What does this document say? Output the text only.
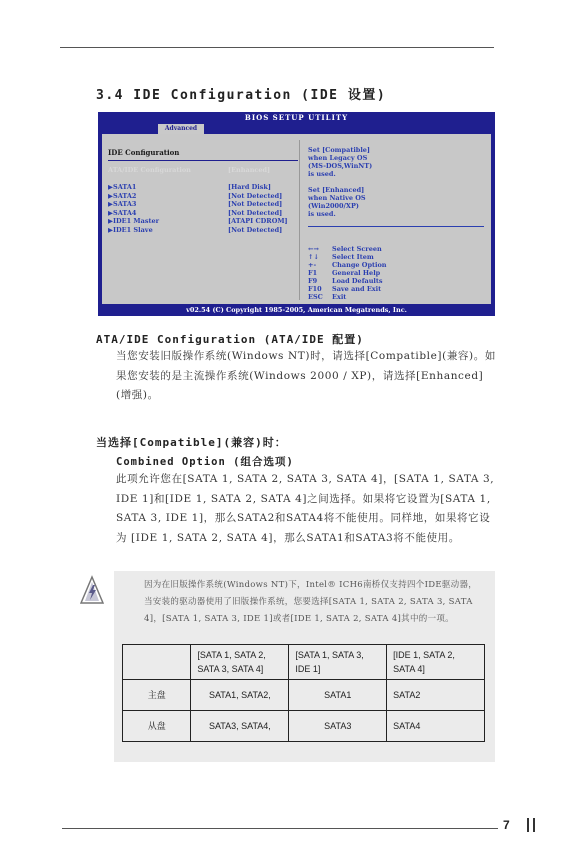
3.4 IDE Configuration (IDE 设置)
BIOS SETUP UTILITY
Advanced
IDE Configuration
ATA/IDE Configuration	[Enhanced]
▶SATA1	[Hard Disk]
▶SATA2	[Not Detected]
▶SATA3	[Not Detected]
▶SATA4	[Not Detected]
▶IDE1 Master	[ATAPI CDROM]
▶IDE1 Slave	[Not Detected]
Set [Compatible]
when Legacy OS
(MS-DOS,WinNT)
is used.
Set [Enhanced]
when Native OS
(Win2000/XP)
is used.
←→ Select Screen
↑↓ Select Item
+- Change Option
F1 General Help
F9 Load Defaults
F10 Save and Exit
ESC Exit
v02.54 (C) Copyright 1985-2005, American Megatrends, Inc.
ATA/IDE Configuration (ATA/IDE 配置)
当您安装旧版操作系统(Windows NT)时，请选择[Compatible](兼容)。如果您安装的是主流操作系统(Windows 2000 / XP)，请选择[Enhanced](增强)。
当选择[Compatible](兼容)时：
Combined Option (组合选项)
此项允许您在[SATA 1, SATA 2, SATA 3, SATA 4]，[SATA 1, SATA 3, IDE 1]和[IDE 1, SATA 2, SATA 4]之间选择。如果将它设置为[SATA 1, SATA 3, IDE 1]，那么SATA2和SATA4将不能使用。同样地，如果将它设为 [IDE 1, SATA 2, SATA 4]，那么SATA1和SATA3将不能使用。
因为在旧版操作系统(Windows NT)下，Intel® ICH6南桥仅支持四个IDE驱动器，当安装的驱动器使用了旧版操作系统，您要选择[SATA 1, SATA 2, SATA 3, SATA 4]，[SATA 1, SATA 3, IDE 1]或者[IDE 1, SATA 2, SATA 4]其中的一项。
	[SATA 1, SATA 2, SATA 3, SATA 4]	[SATA 1, SATA 3, IDE 1]	[IDE 1, SATA 2, SATA 4]
主盘	SATA1, SATA2,	SATA1	SATA2
从盘	SATA3, SATA4,	SATA3	SATA4
7
